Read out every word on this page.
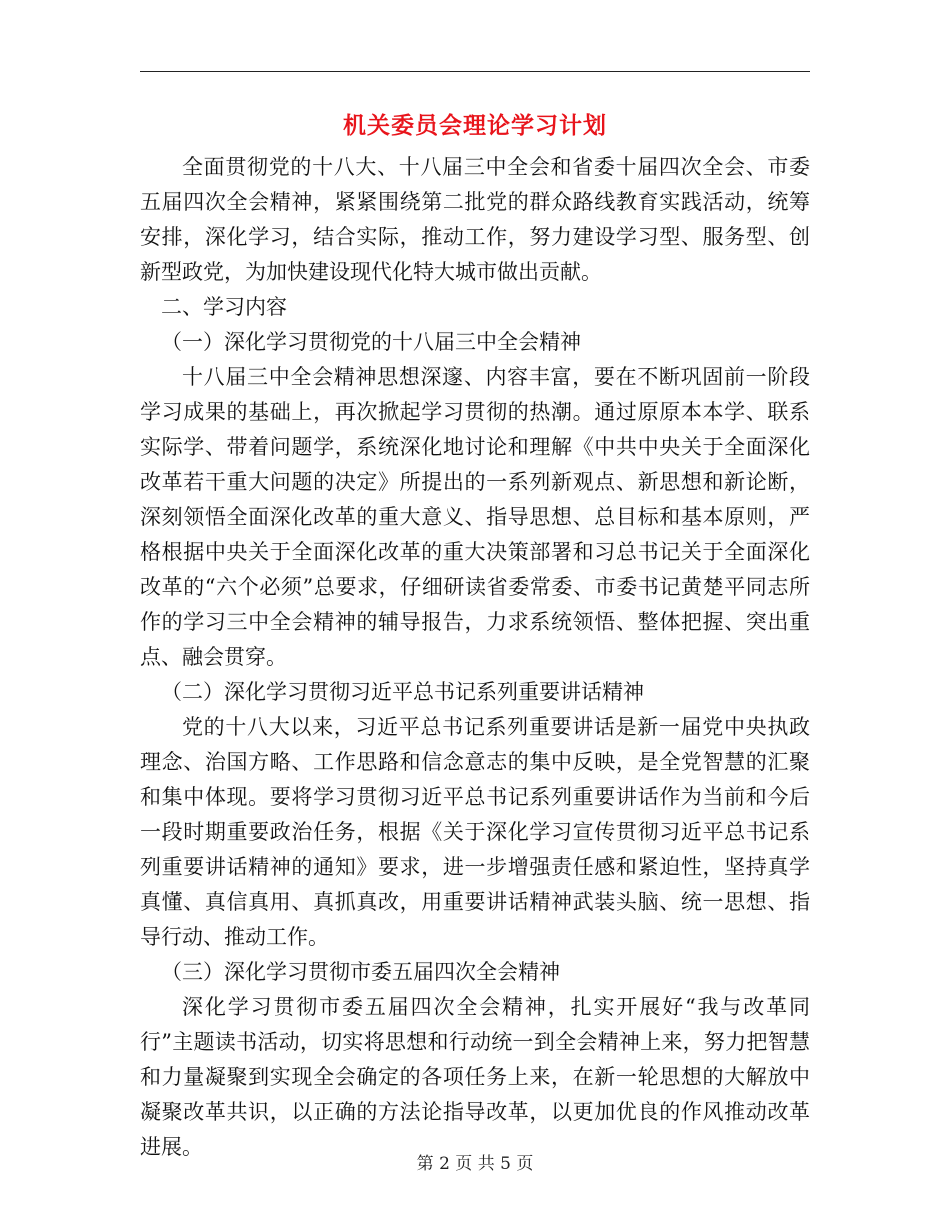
机关委员会理论学习计划

全面贯彻党的十八大、十八届三中全会和省委十届四次全会、市委五届四次全会精神，紧紧围绕第二批党的群众路线教育实践活动，统筹安排，深化学习，结合实际，推动工作，努力建设学习型、服务型、创新型政党，为加快建设现代化特大城市做出贡献。

二、学习内容

（一）深化学习贯彻党的十八届三中全会精神

十八届三中全会精神思想深邃、内容丰富，要在不断巩固前一阶段学习成果的基础上，再次掀起学习贯彻的热潮。通过原原本本学、联系实际学、带着问题学，系统深化地讨论和理解《中共中央关于全面深化改革若干重大问题的决定》所提出的一系列新观点、新思想和新论断，深刻领悟全面深化改革的重大意义、指导思想、总目标和基本原则，严格根据中央关于全面深化改革的重大决策部署和习总书记关于全面深化改革的“六个必须”总要求，仔细研读省委常委、市委书记黄楚平同志所作的学习三中全会精神的辅导报告，力求系统领悟、整体把握、突出重点、融会贯穿。

（二）深化学习贯彻习近平总书记系列重要讲话精神

党的十八大以来，习近平总书记系列重要讲话是新一届党中央执政理念、治国方略、工作思路和信念意志的集中反映，是全党智慧的汇聚和集中体现。要将学习贯彻习近平总书记系列重要讲话作为当前和今后一段时期重要政治任务，根据《关于深化学习宣传贯彻习近平总书记系列重要讲话精神的通知》要求，进一步增强责任感和紧迫性，坚持真学真懂、真信真用、真抓真改，用重要讲话精神武装头脑、统一思想、指导行动、推动工作。

（三）深化学习贯彻市委五届四次全会精神

深化学习贯彻市委五届四次全会精神，扎实开展好“我与改革同行”主题读书活动，切实将思想和行动统一到全会精神上来，努力把智慧和力量凝聚到实现全会确定的各项任务上来，在新一轮思想的大解放中凝聚改革共识，以正确的方法论指导改革，以更加优良的作风推动改革进展。

第 2 页 共 5 页
